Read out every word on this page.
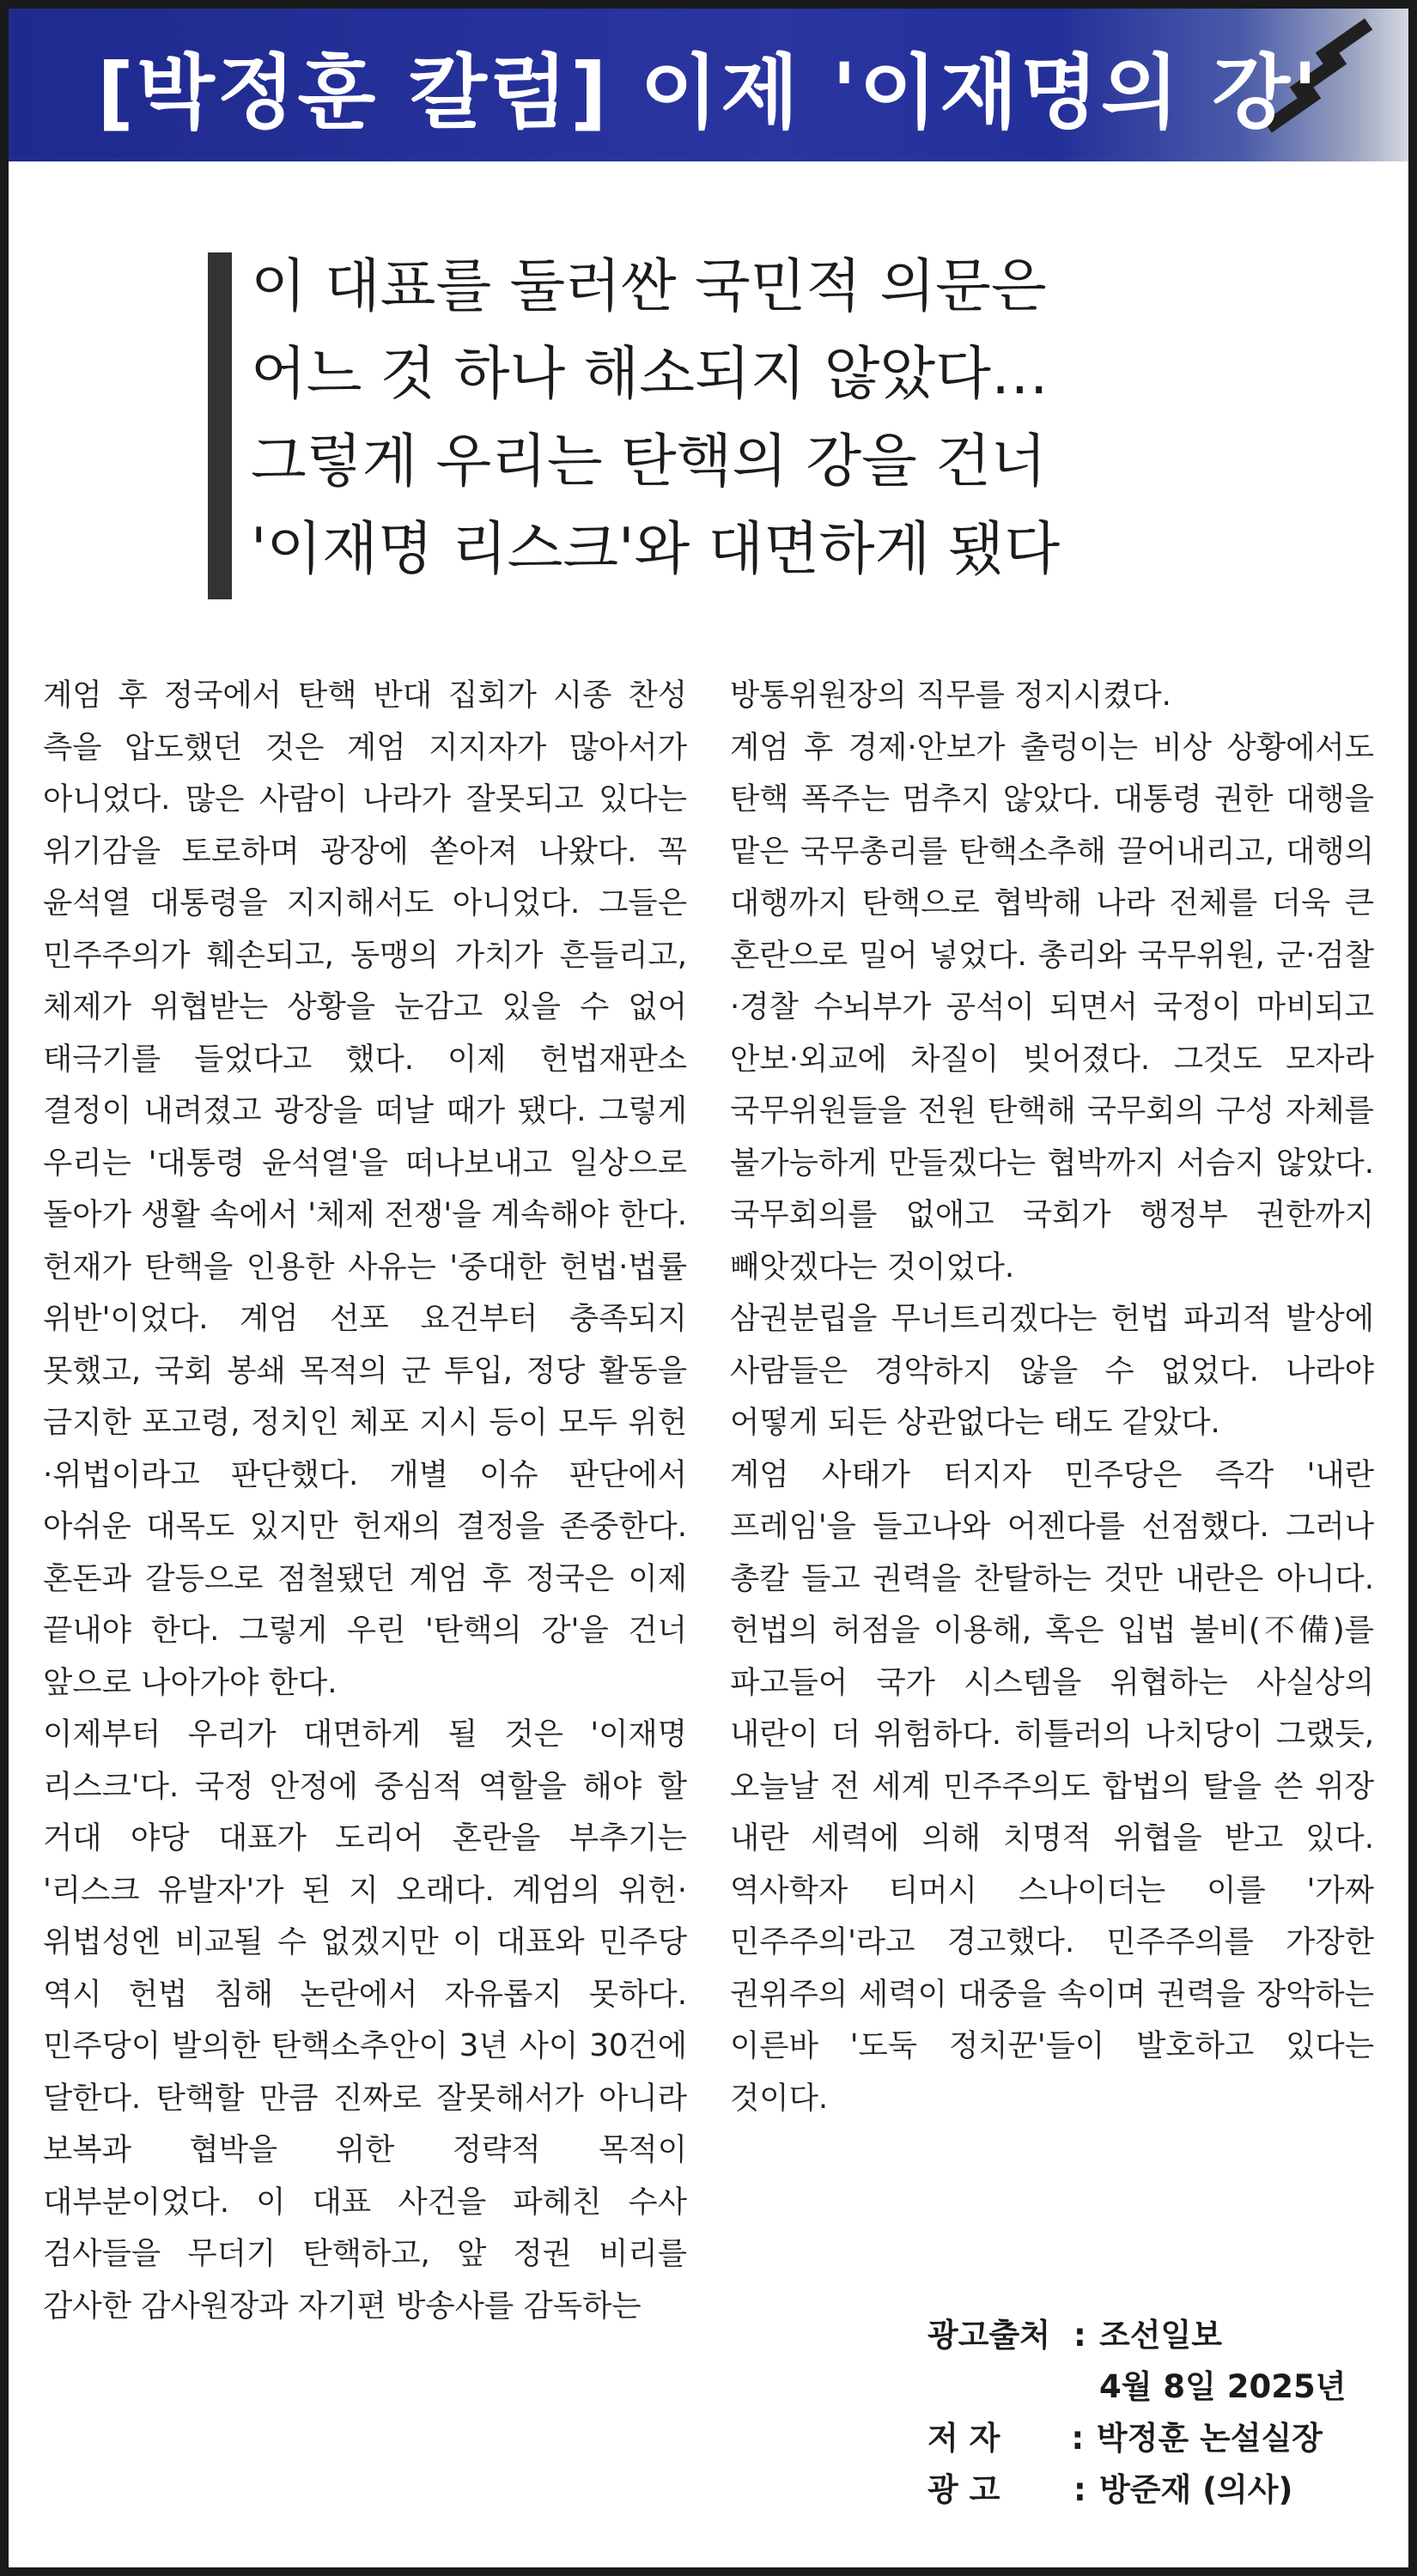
[박정훈 칼럼] 이제 '이재명의 강'
이 대표를 둘러싼 국민적 의문은
어느 것 하나 해소되지 않았다…
그렇게 우리는 탄핵의 강을 건너
'이재명 리스크'와 대면하게 됐다
계엄 후 정국에서 탄핵 반대 집회가 시종 찬성
측을 압도했던 것은 계엄 지지자가 많아서가
아니었다. 많은 사람이 나라가 잘못되고 있다는
위기감을 토로하며 광장에 쏟아져 나왔다. 꼭
윤석열 대통령을 지지해서도 아니었다. 그들은
민주주의가 훼손되고, 동맹의 가치가 흔들리고,
체제가 위협받는 상황을 눈감고 있을 수 없어
태극기를 들었다고 했다. 이제 헌법재판소
결정이 내려졌고 광장을 떠날 때가 됐다. 그렇게
우리는 '대통령 윤석열'을 떠나보내고 일상으로
돌아가 생활 속에서 '체제 전쟁'을 계속해야 한다.
헌재가 탄핵을 인용한 사유는 '중대한 헌법·법률
위반'이었다. 계엄 선포 요건부터 충족되지
못했고, 국회 봉쇄 목적의 군 투입, 정당 활동을
금지한 포고령, 정치인 체포 지시 등이 모두 위헌
·위법이라고 판단했다. 개별 이슈 판단에서
아쉬운 대목도 있지만 헌재의 결정을 존중한다.
혼돈과 갈등으로 점철됐던 계엄 후 정국은 이제
끝내야 한다. 그렇게 우린 '탄핵의 강'을 건너
앞으로 나아가야 한다.
이제부터 우리가 대면하게 될 것은 '이재명
리스크'다. 국정 안정에 중심적 역할을 해야 할
거대 야당 대표가 도리어 혼란을 부추기는
'리스크 유발자'가 된 지 오래다. 계엄의 위헌·
위법성엔 비교될 수 없겠지만 이 대표와 민주당
역시 헌법 침해 논란에서 자유롭지 못하다.
민주당이 발의한 탄핵소추안이 3년 사이 30건에
달한다. 탄핵할 만큼 진짜로 잘못해서가 아니라
보복과 협박을 위한 정략적 목적이
대부분이었다. 이 대표 사건을 파헤친 수사
검사들을 무더기 탄핵하고, 앞 정권 비리를
감사한 감사원장과 자기편 방송사를 감독하는
방통위원장의 직무를 정지시켰다.
계엄 후 경제·안보가 출렁이는 비상 상황에서도
탄핵 폭주는 멈추지 않았다. 대통령 권한 대행을
맡은 국무총리를 탄핵소추해 끌어내리고, 대행의
대행까지 탄핵으로 협박해 나라 전체를 더욱 큰
혼란으로 밀어 넣었다. 총리와 국무위원, 군·검찰
·경찰 수뇌부가 공석이 되면서 국정이 마비되고
안보·외교에 차질이 빚어졌다. 그것도 모자라
국무위원들을 전원 탄핵해 국무회의 구성 자체를
불가능하게 만들겠다는 협박까지 서슴지 않았다.
국무회의를 없애고 국회가 행정부 권한까지
빼앗겠다는 것이었다.
삼권분립을 무너트리겠다는 헌법 파괴적 발상에
사람들은 경악하지 않을 수 없었다. 나라야
어떻게 되든 상관없다는 태도 같았다.
계엄 사태가 터지자 민주당은 즉각 '내란
프레임'을 들고나와 어젠다를 선점했다. 그러나
총칼 들고 권력을 찬탈하는 것만 내란은 아니다.
헌법의 허점을 이용해, 혹은 입법 불비(不備)를
파고들어 국가 시스템을 위협하는 사실상의
내란이 더 위험하다. 히틀러의 나치당이 그랬듯,
오늘날 전 세계 민주주의도 합법의 탈을 쓴 위장
내란 세력에 의해 치명적 위협을 받고 있다.
역사학자 티머시 스나이더는 이를 '가짜
민주주의'라고 경고했다. 민주주의를 가장한
권위주의 세력이 대중을 속이며 권력을 장악하는
이른바 '도둑 정치꾼'들이 발호하고 있다는
것이다.
광고출처 : 조선일보
4월 8일 2025년
저 자	: 박정훈 논설실장
광 고	: 방준재 (의사)
